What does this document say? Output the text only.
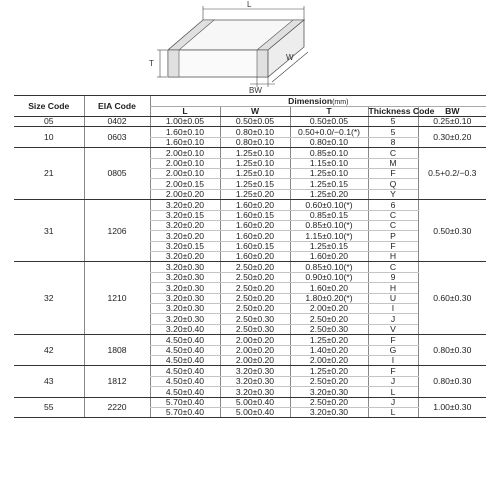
L
T
W
BW
Size Code	EIA Code	Dimension(mm)				
		L	W	T	Thickness Code	BW
05	0402	1.00±0.05	0.50±0.05	0.50±0.05	5	0.25±0.10
10	0603	1.60±0.10	0.80±0.10	0.50+0.0/−0.1(*)	5	0.30±0.20
		1.60±0.10	0.80±0.10	0.80±0.10	8	
21	0805	2.00±0.10	1.25±0.10	0.85±0.10	C	0.5+0.2/−0.3
		2.00±0.10	1.25±0.10	1.15±0.10	M	
		2.00±0.10	1.25±0.10	1.25±0.10	F	
		2.00±0.15	1.25±0.15	1.25±0.15	Q	
		2.00±0.20	1.25±0.20	1.25±0.20	Y	
31	1206	3.20±0.20	1.60±0.20	0.60±0.10(*)	6	0.50±0.30
		3.20±0.15	1.60±0.15	0.85±0.15	C	
		3.20±0.20	1.60±0.20	0.85±0.10(*)	C	
		3.20±0.20	1.60±0.20	1.15±0.10(*)	P	
		3.20±0.15	1.60±0.15	1.25±0.15	F	
		3.20±0.20	1.60±0.20	1.60±0.20	H	
32	1210	3.20±0.30	2.50±0.20	0.85±0.10(*)	C	0.60±0.30
		3.20±0.30	2.50±0.20	0.90±0.10(*)	9	
		3.20±0.30	2.50±0.20	1.60±0.20	H	
		3.20±0.30	2.50±0.20	1.80±0.20(*)	U	
		3.20±0.30	2.50±0.20	2.00±0.20	I	
		3.20±0.30	2.50±0.30	2.50±0.20	J	
		3.20±0.40	2.50±0.30	2.50±0.30	V	
42	1808	4.50±0.40	2.00±0.20	1.25±0.20	F	0.80±0.30
		4.50±0.40	2.00±0.20	1.40±0.20	G	
		4.50±0.40	2.00±0.20	2.00±0.20	I	
43	1812	4.50±0.40	3.20±0.30	1.25±0.20	F	0.80±0.30
		4.50±0.40	3.20±0.30	2.50±0.20	J	
		4.50±0.40	3.20±0.30	3.20±0.30	L	
55	2220	5.70±0.40	5.00±0.40	2.50±0.20	J	1.00±0.30
		5.70±0.40	5.00±0.40	3.20±0.30	L	
